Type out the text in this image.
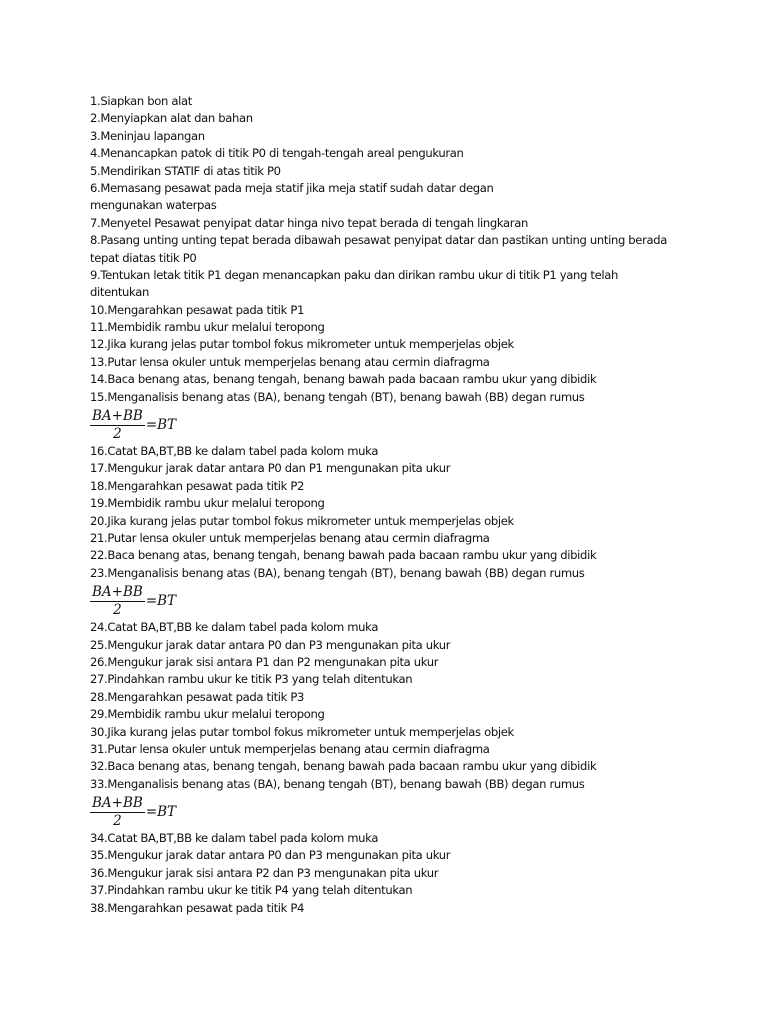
1.Siapkan bon alat
2.Menyiapkan alat dan bahan
3.Meninjau lapangan
4.Menancapkan patok di titik P0 di tengah-tengah areal pengukuran
5.Mendirikan STATIF di atas titik P0
6.Memasang pesawat pada meja statif jika meja statif sudah datar degan
mengunakan waterpas
7.Menyetel Pesawat penyipat datar hinga nivo tepat berada di tengah lingkaran
8.Pasang unting unting tepat berada dibawah pesawat penyipat datar dan pastikan unting unting berada
tepat diatas titik P0
9.Tentukan letak titik P1 degan menancapkan paku dan dirikan rambu ukur di titik P1 yang telah
ditentukan
10.Mengarahkan pesawat pada titik P1
11.Membidik rambu ukur melalui teropong
12.Jika kurang jelas putar tombol fokus mikrometer untuk memperjelas objek
13.Putar lensa okuler untuk memperjelas benang atau cermin diafragma
14.Baca benang atas, benang tengah, benang bawah pada bacaan rambu ukur yang dibidik
15.Menganalisis benang atas (BA), benang tengah (BT), benang bawah (BB) degan rumus
$\frac{BA+BB}{2} =BT$
16.Catat BA,BT,BB ke dalam tabel pada kolom muka
17.Mengukur jarak datar antara P0 dan P1 mengunakan pita ukur
18.Mengarahkan pesawat pada titik P2
19.Membidik rambu ukur melalui teropong
20.Jika kurang jelas putar tombol fokus mikrometer untuk memperjelas objek
21.Putar lensa okuler untuk memperjelas benang atau cermin diafragma
22.Baca benang atas, benang tengah, benang bawah pada bacaan rambu ukur yang dibidik
23.Menganalisis benang atas (BA), benang tengah (BT), benang bawah (BB) degan rumus
$\frac{BA+BB}{2} =BT$
24.Catat BA,BT,BB ke dalam tabel pada kolom muka
25.Mengukur jarak datar antara P0 dan P3 mengunakan pita ukur
26.Mengukur jarak sisi antara P1 dan P2 mengunakan pita ukur
27.Pindahkan rambu ukur ke titik P3 yang telah ditentukan
28.Mengarahkan pesawat pada titik P3
29.Membidik rambu ukur melalui teropong
30.Jika kurang jelas putar tombol fokus mikrometer untuk memperjelas objek
31.Putar lensa okuler untuk memperjelas benang atau cermin diafragma
32.Baca benang atas, benang tengah, benang bawah pada bacaan rambu ukur yang dibidik
33.Menganalisis benang atas (BA), benang tengah (BT), benang bawah (BB) degan rumus
$\frac{BA+BB}{2} =BT$
34.Catat BA,BT,BB ke dalam tabel pada kolom muka
35.Mengukur jarak datar antara P0 dan P3 mengunakan pita ukur
36.Mengukur jarak sisi antara P2 dan P3 mengunakan pita ukur
37.Pindahkan rambu ukur ke titik P4 yang telah ditentukan
38.Mengarahkan pesawat pada titik P4
